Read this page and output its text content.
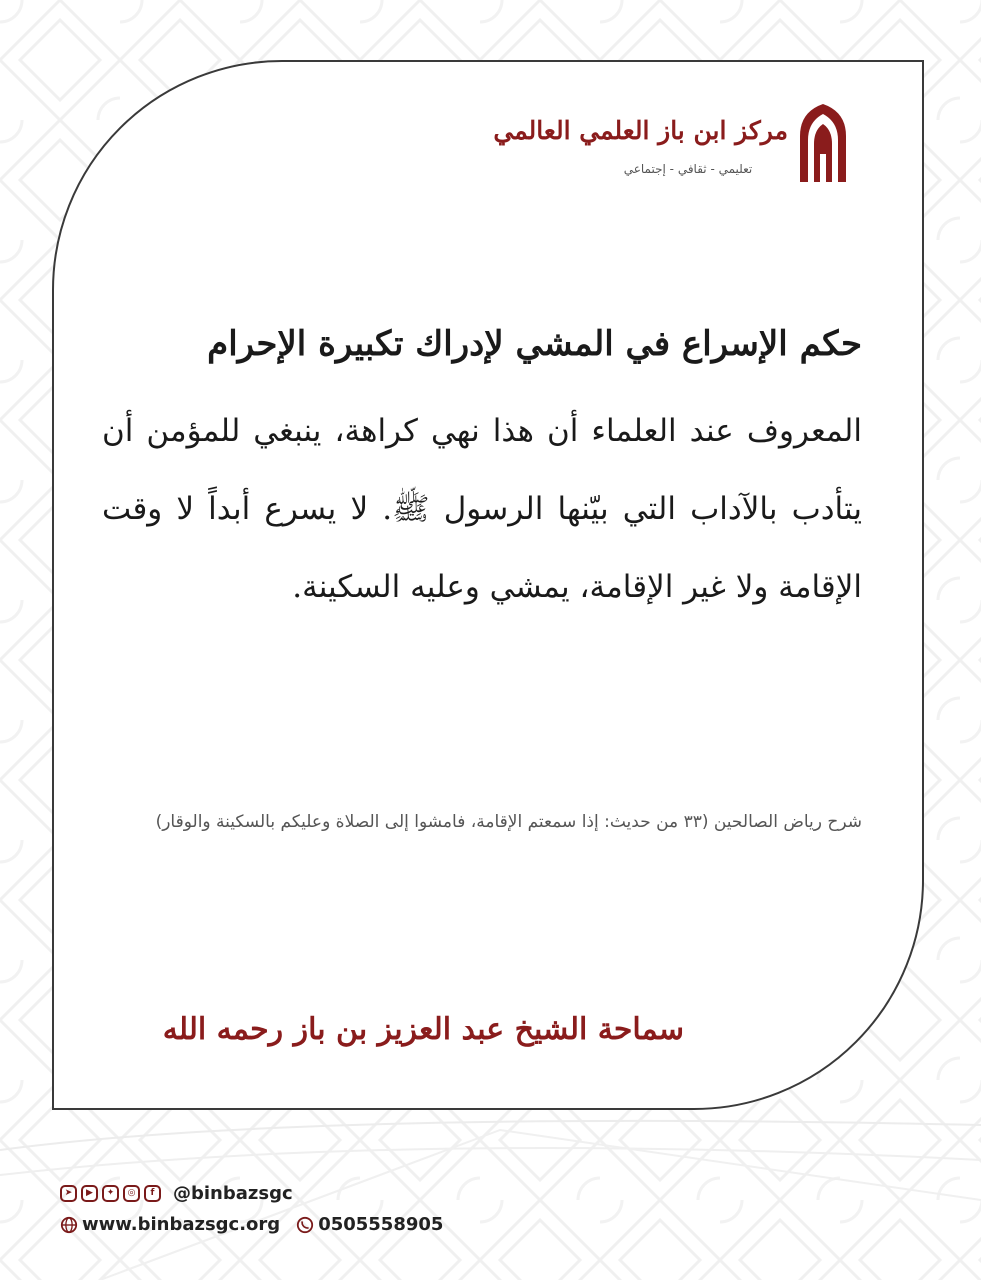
مركز ابن باز العلمي العالمي
تعليمي - ثقافي - إجتماعي
حكم الإسراع في المشي لإدراك تكبيرة الإحرام
المعروف عند العلماء أن هذا نهي كراهة، ينبغي للمؤمن أن يتأدب بالآداب التي بيّنها الرسول ﷺ. لا يسرع أبداً لا وقت الإقامة ولا غير الإقامة، يمشي وعليه السكينة.
شرح رياض الصالحين (٣٣ من حديث: إذا سمعتم الإقامة، فامشوا إلى الصلاة وعليكم بالسكينة والوقار)
سماحة الشيخ عبد العزيز بن باز رحمه الله
➤	▶	✦	◎	f	@binbazsgc
www.binbazsgc.org 0505558905
